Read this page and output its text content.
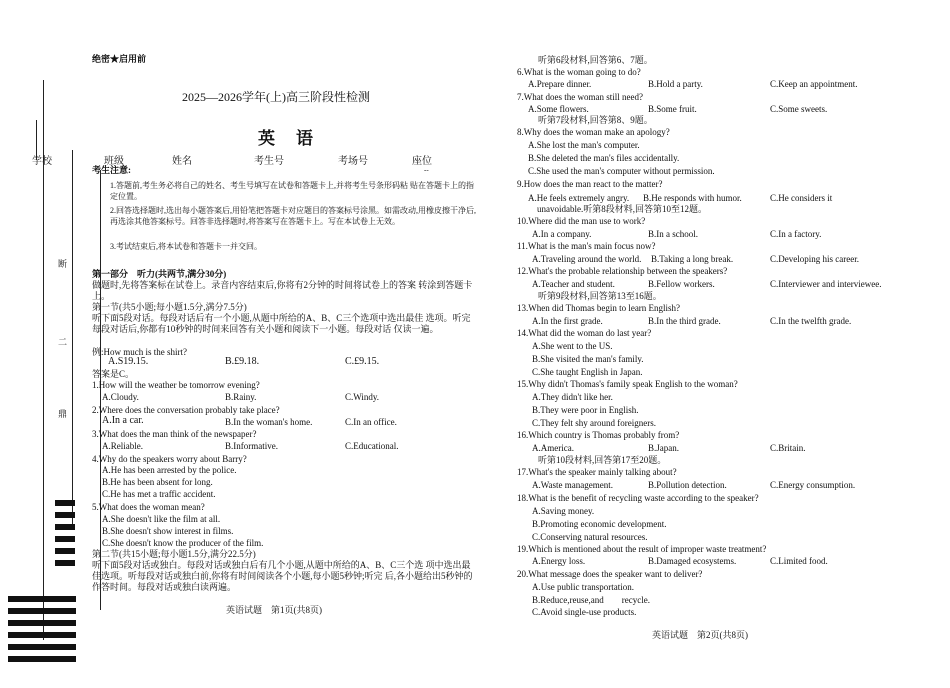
学校	班级	姓名	考生号	考场号	座位
--
断
二
鼎
绝密★启用前
2025—2026学年(上)高三阶段性检测
英　语
考生注意:
1.答题前,考生务必将自己的姓名、考生号填写在试卷和答题卡上,并将考生号条形码粘 贴在答题卡上的指定位置。
2.回答选择题时,选出每小题答案后,用铅笔把答题卡对应题目的答案标号涂黑。如需改动,用橡皮擦干净后,再选涂其他答案标号。回答非选择题时,将答案写在答题卡上。写在本试卷上无效。
3.考试结束后,将本试卷和答题卡一并交回。
第一部分　听力(共两节,满分30分)
做题时,先将答案标在试卷上。录音内容结束后,你将有2分钟的时间将试卷上的答案 转涂到答题卡上。
第一节(共5小题;每小题1.5分,满分7.5分)
听下面5段对话。每段对话后有一个小题,从题中所给的A、B、C三个选项中选出最佳 选项。听完每段对话后,你都有10秒钟的时间来回答有关小题和阅读下一小题。每段对话 仅读一遍。
例:How much is the shirt?
A.S19.15.	B.£9.18.	C.£9.15.
答案是C。
1.How will the weather be tomorrow evening?
A.Cloudy.	B.Rainy.	C.Windy.
2.Where does the conversation probably take place?
A.In a car.	B.In the woman's home.	C.In an office.
3.What does the man think of the newspaper?
A.Reliable.	B.Informative.	C.Educational.
4.Why do the speakers worry about Barry?
A.He has been arrested by the police.
B.He has been absent for long.
C.He has met a traffic accident.
5.What does the woman mean?
A.She doesn't like the film at all.
B.She doesn't show interest in films.
C.She doesn't know the producer of the film.
第二节(共15小题;每小题1.5分,满分22.5分)
听下面5段对话或独白。每段对话或独白后有几个小题,从题中所给的A、B、C三个选 项中选出最佳选项。听每段对话或独白前,你将有时间阅读各个小题,每小题5秒钟;听完 后,各小题给出5秒钟的作答时间。每段对话或独白读两遍。
英语试题　第1页(共8页)
听第6段材料,回答第6、7题。
6.What is the woman going to do?
A.Prepare dinner.	B.Hold a party.	C.Keep an appointment.
7.What does the woman still need?
A.Some flowers.	B.Some fruit.	C.Some sweets.
听第7段材料,回答第8、9题。
8.Why does the woman make an apology?
A.She lost the man's computer.
B.She deleted the man's files accidentally.
C.She used the man's computer without permission.
9.How does the man react to the matter?
A.He feels extremely angry. B.He responds with humor.	C.He considers it
unavoidable.听第8段材料,回答第10至12题。
10.Where did the man use to work?
A.In a company.	B.In a school.	C.In a factory.
11.What is the man's main focus now?
A.Traveling around the world. B.Taking a long break.	C.Developing his career.
12.What's the probable relationship between the speakers?
A.Teacher and student.	B.Fellow workers.	C.Interviewer and interviewee.
听第9段材料,回答第13至16题。
13.When did Thomas begin to learn English?
A.In the first grade.	B.In the third grade.	C.In the twelfth grade.
14.What did the woman do last year?
A.She went to the US.
B.She visited the man's family.
C.She taught English in Japan.
15.Why didn't Thomas's family speak English to the woman?
A.They didn't like her.
B.They were poor in English.
C.They felt shy around foreigners.
16.Which country is Thomas probably from?
A.America.	B.Japan.	C.Britain.
听第10段材料,回答第17至20题。
17.What's the speaker mainly talking about?
A.Waste management.	B.Pollution detection.	C.Energy consumption.
18.What is the benefit of recycling waste according to the speaker?
A.Saving money.
B.Promoting economic development.
C.Conserving natural resources.
19.Which is mentioned about the result of improper waste treatment?
A.Energy loss.	B.Damaged ecosystems.	C.Limited food.
20.What message does the speaker want to deliver?
A.Use public transportation.
B.Reduce,reuse,and　　recycle.
C.Avoid single-use products.
英语试题　第2页(共8页)
